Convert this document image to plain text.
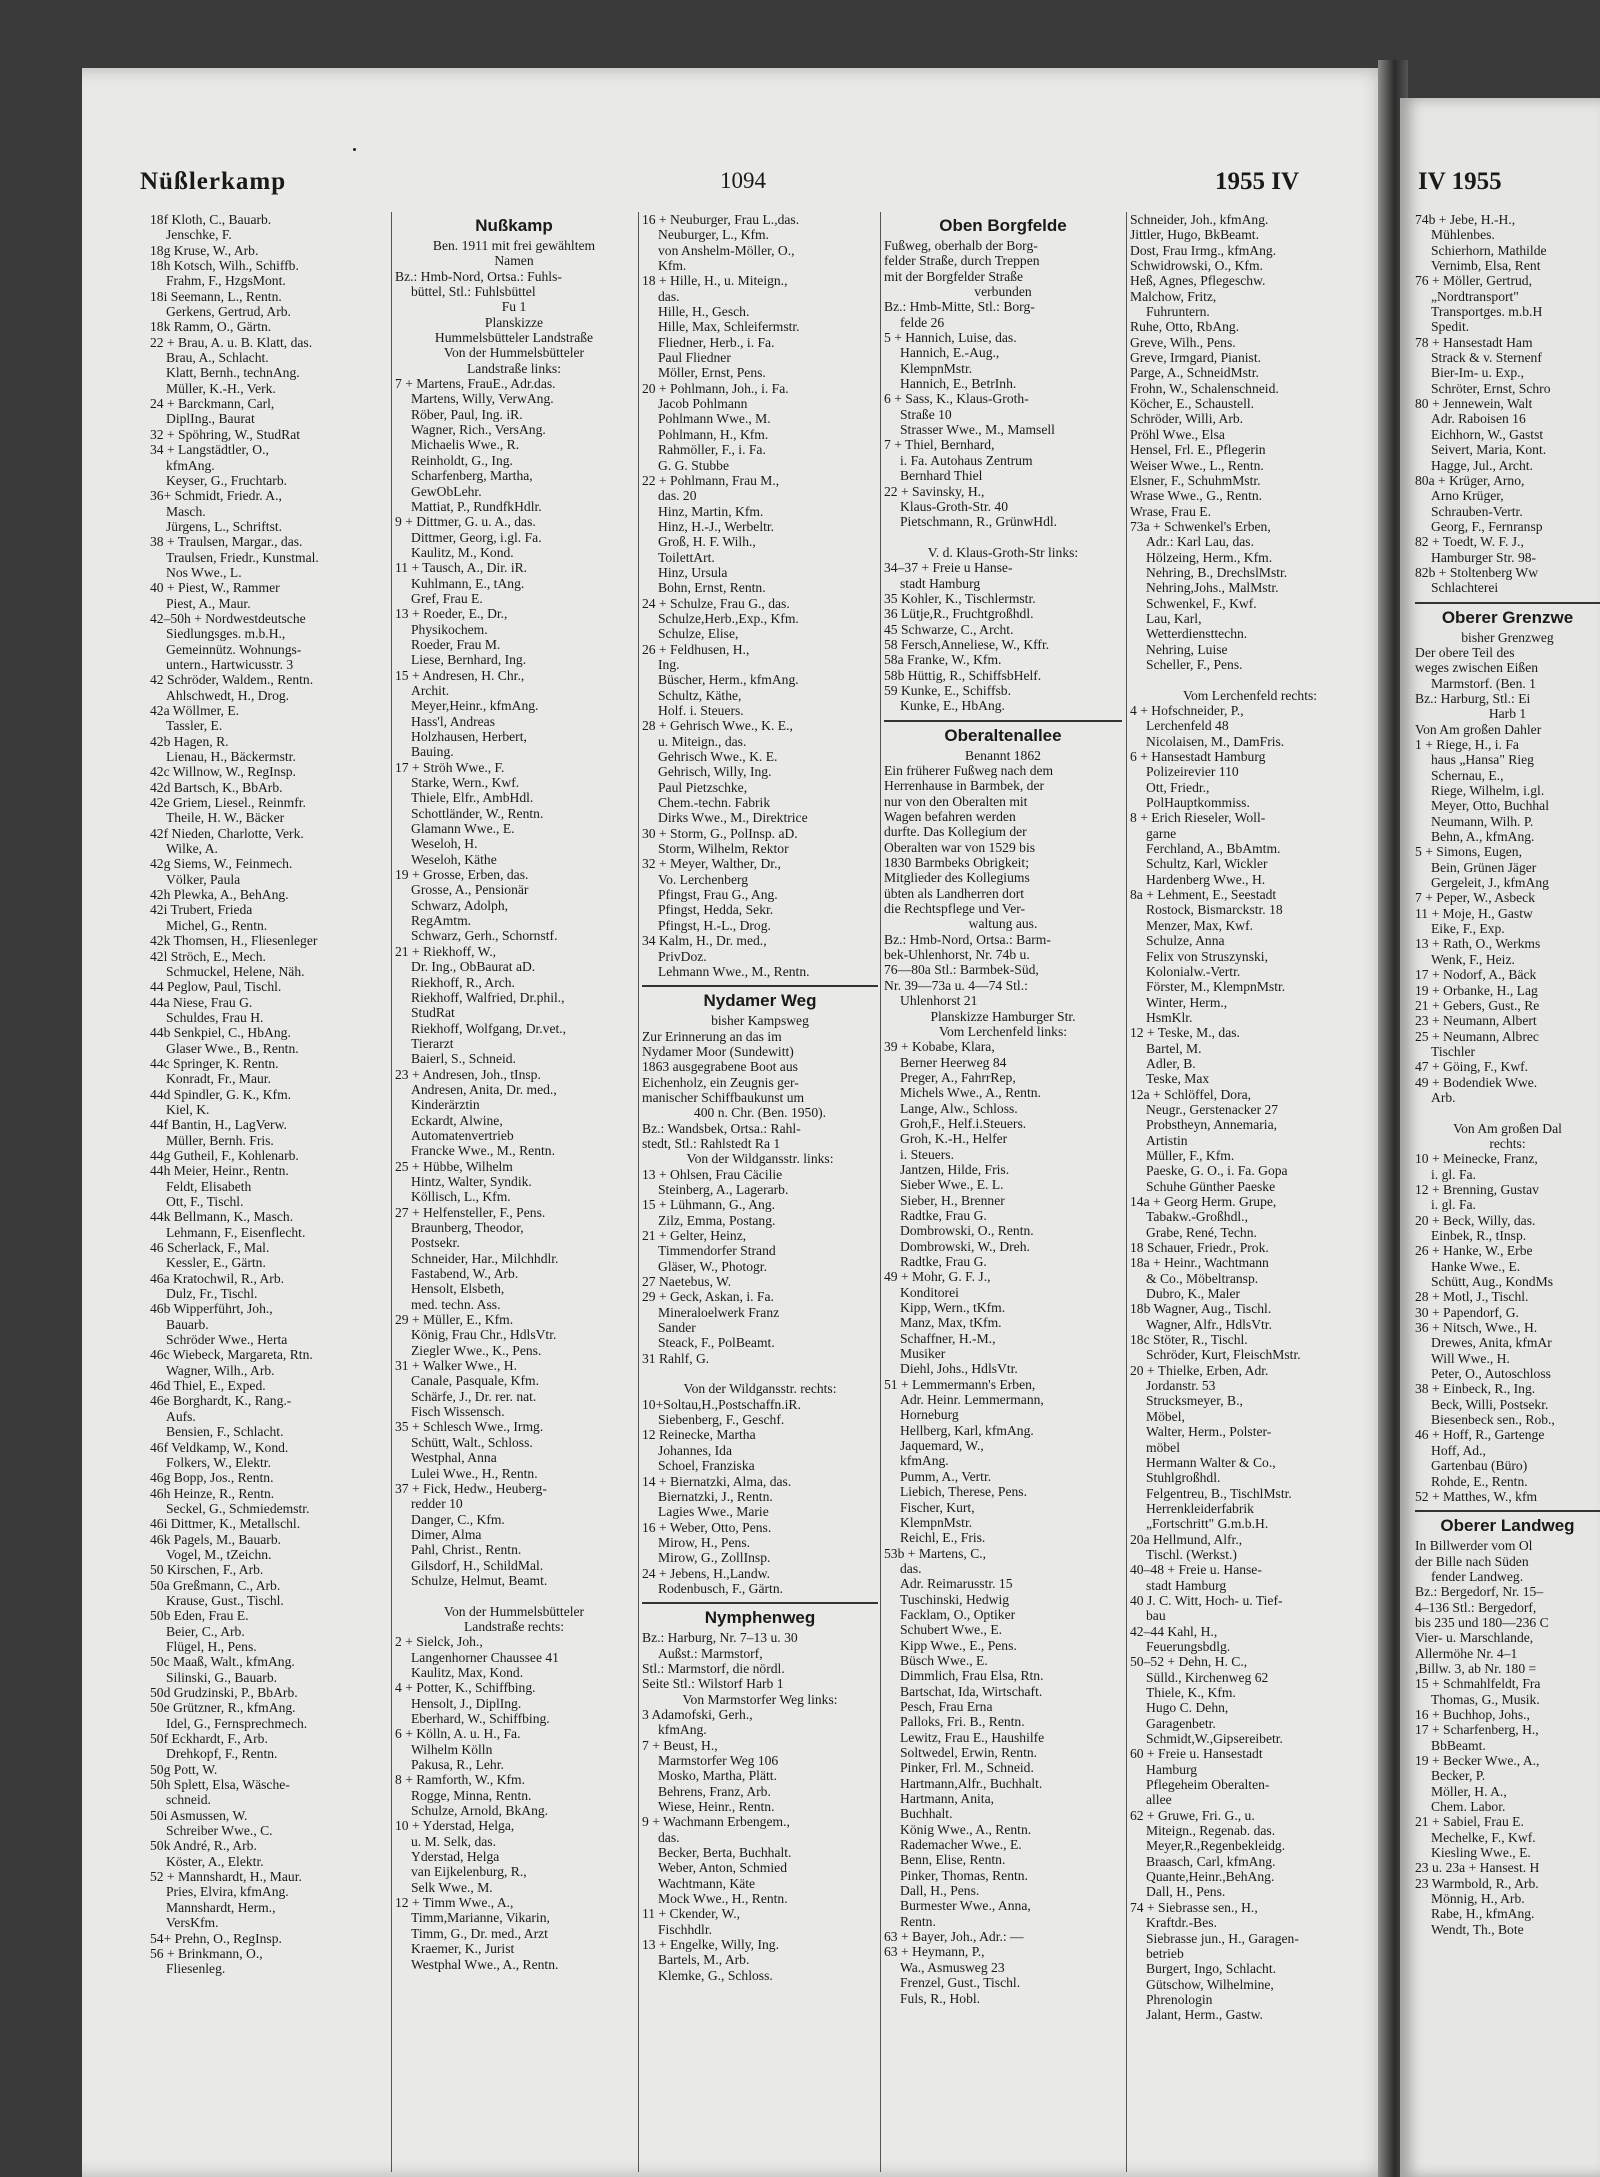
Nüßlerkamp	1094	1955 IV	IV 1955

18f Kloth, C., Bauarb.

Jenschke, F.

18g Kruse, W., Arb.

18h Kotsch, Wilh., Schiffb.

Frahm, F., HzgsMont.

18i Seemann, L., Rentn.

Gerkens, Gertrud, Arb.

18k Ramm, O., Gärtn.

22 + Brau, A. u. B. Klatt, das.

Brau, A., Schlacht.

Klatt, Bernh., technAng.

Müller, K.-H., Verk.

24 + Barckmann, Carl,

DiplIng., Baurat

32 + Spöhring, W., StudRat

34 + Langstädtler, O.,

kfmAng.

Keyser, G., Fruchtarb.

36+ Schmidt, Friedr. A.,

Masch.

Jürgens, L., Schriftst.

38 + Traulsen, Margar., das.

Traulsen, Friedr., Kunstmal.

Nos Wwe., L.

40 + Piest, W., Rammer

Piest, A., Maur.

42–50h + Nordwestdeutsche

Siedlungsges. m.b.H.,

Gemeinnütz. Wohnungs-

untern., Hartwicusstr. 3

42 Schröder, Waldem., Rentn.

Ahlschwedt, H., Drog.

42a Wöllmer, E.

Tassler, E.

42b Hagen, R.

Lienau, H., Bäckermstr.

42c Willnow, W., RegInsp.

42d Bartsch, K., BbArb.

42e Griem, Liesel., Reinmfr.

Theile, H. W., Bäcker

42f Nieden, Charlotte, Verk.

Wilke, A.

42g Siems, W., Feinmech.

Völker, Paula

42h Plewka, A., BehAng.

42i Trubert, Frieda

Michel, G., Rentn.

42k Thomsen, H., Fliesenleger

42l Ströch, E., Mech.

Schmuckel, Helene, Näh.

44 Peglow, Paul, Tischl.

44a Niese, Frau G.

Schuldes, Frau H.

44b Senkpiel, C., HbAng.

Glaser Wwe., B., Rentn.

44c Springer, K. Rentn.

Konradt, Fr., Maur.

44d Spindler, G. K., Kfm.

Kiel, K.

44f Bantin, H., LagVerw.

Müller, Bernh. Fris.

44g Gutheil, F., Kohlenarb.

44h Meier, Heinr., Rentn.

Feldt, Elisabeth

Ott, F., Tischl.

44k Bellmann, K., Masch.

Lehmann, F., Eisenflecht.

46 Scherlack, F., Mal.

Kessler, E., Gärtn.

46a Kratochwil, R., Arb.

Dulz, Fr., Tischl.

46b Wipperführt, Joh.,

Bauarb.

Schröder Wwe., Herta

46c Wiebeck, Margareta, Rtn.

Wagner, Wilh., Arb.

46d Thiel, E., Exped.

46e Borghardt, K., Rang.-

Aufs.

Bensien, F., Schlacht.

46f Veldkamp, W., Kond.

Folkers, W., Elektr.

46g Bopp, Jos., Rentn.

46h Heinze, R., Rentn.

Seckel, G., Schmiedemstr.

46i Dittmer, K., Metallschl.

46k Pagels, M., Bauarb.

Vogel, M., tZeichn.

50 Kirschen, F., Arb.

50a Greßmann, C., Arb.

Krause, Gust., Tischl.

50b Eden, Frau E.

Beier, C., Arb.

Flügel, H., Pens.

50c Maaß, Walt., kfmAng.

Silinski, G., Bauarb.

50d Grudzinski, P., BbArb.

50e Grützner, R., kfmAng.

Idel, G., Fernsprechmech.

50f Eckhardt, F., Arb.

Drehkopf, F., Rentn.

50g Pott, W.

50h Splett, Elsa, Wäsche-

schneid.

50i Asmussen, W.

Schreiber Wwe., C.

50k André, R., Arb.

Köster, A., Elektr.

52 + Mannshardt, H., Maur.

Pries, Elvira, kfmAng.

Mannshardt, Herm.,

VersKfm.

54+ Prehn, O., RegInsp.

56 + Brinkmann, O.,

Fliesenleg.

Nußkamp

Ben. 1911 mit frei gewähltem

Namen

Bz.: Hmb-Nord, Ortsa.: Fuhls-

büttel, Stl.: Fuhlsbüttel

Fu 1

Planskizze

Hummelsbütteler Landstraße

Von der Hummelsbütteler

Landstraße links:

7 + Martens, FrauE., Adr.das.

Martens, Willy, VerwAng.

Röber, Paul, Ing. iR.

Wagner, Rich., VersAng.

Michaelis Wwe., R.

Reinholdt, G., Ing.

Scharfenberg, Martha,

GewObLehr.

Mattiat, P., RundfkHdlr.

9 + Dittmer, G. u. A., das.

Dittmer, Georg, i.gl. Fa.

Kaulitz, M., Kond.

11 + Tausch, A., Dir. iR.

Kuhlmann, E., tAng.

Gref, Frau E.

13 + Roeder, E., Dr.,

Physikochem.

Roeder, Frau M.

Liese, Bernhard, Ing.

15 + Andresen, H. Chr.,

Archit.

Meyer,Heinr., kfmAng.

Hass'l, Andreas

Holzhausen, Herbert,

Bauing.

17 + Ströh Wwe., F.

Starke, Wern., Kwf.

Thiele, Elfr., AmbHdl.

Schottländer, W., Rentn.

Glamann Wwe., E.

Weseloh, H.

Weseloh, Käthe

19 + Grosse, Erben, das.

Grosse, A., Pensionär

Schwarz, Adolph,

RegAmtm.

Schwarz, Gerh., Schornstf.

21 + Riekhoff, W.,

Dr. Ing., ObBaurat aD.

Riekhoff, R., Arch.

Riekhoff, Walfried, Dr.phil.,

StudRat

Riekhoff, Wolfgang, Dr.vet.,

Tierarzt

Baierl, S., Schneid.

23 + Andresen, Joh., tInsp.

Andresen, Anita, Dr. med.,

Kinderärztin

Eckardt, Alwine,

Automatenvertrieb

Francke Wwe., M., Rentn.

25 + Hübbe, Wilhelm

Hintz, Walter, Syndik.

Köllisch, L., Kfm.

27 + Helfensteller, F., Pens.

Braunberg, Theodor,

Postsekr.

Schneider, Har., Milchhdlr.

Fastabend, W., Arb.

Hensolt, Elsbeth,

med. techn. Ass.

29 + Müller, E., Kfm.

König, Frau Chr., HdlsVtr.

Ziegler Wwe., K., Pens.

31 + Walker Wwe., H.

Canale, Pasquale, Kfm.

Schärfe, J., Dr. rer. nat.

Fisch Wissensch.

35 + Schlesch Wwe., Irmg.

Schütt, Walt., Schloss.

Westphal, Anna

Lulei Wwe., H., Rentn.

37 + Fick, Hedw., Heuberg-

redder 10

Danger, C., Kfm.

Dimer, Alma

Pahl, Christ., Rentn.

Gilsdorf, H., SchildMal.

Schulze, Helmut, Beamt.

Von der Hummelsbütteler

Landstraße rechts:

2 + Sielck, Joh.,

Langenhorner Chaussee 41

Kaulitz, Max, Kond.

4 + Potter, K., Schiffbing.

Hensolt, J., DiplIng.

Eberhard, W., Schiffbing.

6 + Kölln, A. u. H., Fa.

Wilhelm Kölln

Pakusa, R., Lehr.

8 + Ramforth, W., Kfm.

Rogge, Minna, Rentn.

Schulze, Arnold, BkAng.

10 + Yderstad, Helga,

u. M. Selk, das.

Yderstad, Helga

van Eijkelenburg, R.,

Selk Wwe., M.

12 + Timm Wwe., A.,

Timm,Marianne, Vikarin,

Timm, G., Dr. med., Arzt

Kraemer, K., Jurist

Westphal Wwe., A., Rentn.

16 + Neuburger, Frau L.,das.

Neuburger, L., Kfm.

von Anshelm-Möller, O.,

Kfm.

18 + Hille, H., u. Miteign.,

das.

Hille, H., Gesch.

Hille, Max, Schleifermstr.

Fliedner, Herb., i. Fa.

Paul Fliedner

Möller, Ernst, Pens.

20 + Pohlmann, Joh., i. Fa.

Jacob Pohlmann

Pohlmann Wwe., M.

Pohlmann, H., Kfm.

Rahmöller, F., i. Fa.

G. G. Stubbe

22 + Pohlmann, Frau M.,

das. 20

Hinz, Martin, Kfm.

Hinz, H.-J., Werbeltr.

Groß, H. F. Wilh.,

ToilettArt.

Hinz, Ursula

Bohn, Ernst, Rentn.

24 + Schulze, Frau G., das.

Schulze,Herb.,Exp., Kfm.

Schulze, Elise,

26 + Feldhusen, H.,

Ing.

Büscher, Herm., kfmAng.

Schultz, Käthe,

Holf. i. Steuers.

28 + Gehrisch Wwe., K. E.,

u. Miteign., das.

Gehrisch Wwe., K. E.

Gehrisch, Willy, Ing.

Paul Pietzschke,

Chem.-techn. Fabrik

Dirks Wwe., M., Direktrice

30 + Storm, G., PolInsp. aD.

Storm, Wilhelm, Rektor

32 + Meyer, Walther, Dr.,

Vo. Lerchenberg

Pfingst, Frau G., Ang.

Pfingst, Hedda, Sekr.

Pfingst, H.-L., Drog.

34 Kalm, H., Dr. med.,

PrivDoz.

Lehmann Wwe., M., Rentn.

Nydamer Weg

bisher Kampsweg

Zur Erinnerung an das im

Nydamer Moor (Sundewitt)

1863 ausgegrabene Boot aus

Eichenholz, ein Zeugnis ger-

manischer Schiffbaukunst um

400 n. Chr. (Ben. 1950).

Bz.: Wandsbek, Ortsa.: Rahl-

stedt, Stl.: Rahlstedt Ra 1

Von der Wildgansstr. links:

13 + Ohlsen, Frau Cäcilie

Steinberg, A., Lagerarb.

15 + Lühmann, G., Ang.

Zilz, Emma, Postang.

21 + Gelter, Heinz,

Timmendorfer Strand

Gläser, W., Photogr.

27 Naetebus, W.

29 + Geck, Askan, i. Fa.

Mineraloelwerk Franz

Sander

Steack, F., PolBeamt.

31 Rahlf, G.

Von der Wildgansstr. rechts:

10+Soltau,H.,Postschaffn.iR.

Siebenberg, F., Geschf.

12 Reinecke, Martha

Johannes, Ida

Schoel, Franziska

14 + Biernatzki, Alma, das.

Biernatzki, J., Rentn.

Lagies Wwe., Marie

16 + Weber, Otto, Pens.

Mirow, H., Pens.

Mirow, G., ZollInsp.

24 + Jebens, H.,Landw.

Rodenbusch, F., Gärtn.

Nymphenweg

Bz.: Harburg, Nr. 7–13 u. 30

Außst.: Marmstorf,

Stl.: Marmstorf, die nördl.

Seite Stl.: Wilstorf Harb 1

Von Marmstorfer Weg links:

3 Adamofski, Gerh.,

kfmAng.

7 + Beust, H.,

Marmstorfer Weg 106

Mosko, Martha, Plätt.

Behrens, Franz, Arb.

Wiese, Heinr., Rentn.

9 + Wachmann Erbengem.,

das.

Becker, Berta, Buchhalt.

Weber, Anton, Schmied

Wachtmann, Käte

Mock Wwe., H., Rentn.

11 + Ckender, W.,

Fischhdlr.

13 + Engelke, Willy, Ing.

Bartels, M., Arb.

Klemke, G., Schloss.

Oben Borgfelde

Fußweg, oberhalb der Borg-

felder Straße, durch Treppen

mit der Borgfelder Straße

verbunden

Bz.: Hmb-Mitte, Stl.: Borg-

felde 26

5 + Hannich, Luise, das.

Hannich, E.-Aug.,

KlempnMstr.

Hannich, E., BetrInh.

6 + Sass, K., Klaus-Groth-

Straße 10

Strasser Wwe., M., Mamsell

7 + Thiel, Bernhard,

i. Fa. Autohaus Zentrum

Bernhard Thiel

22 + Savinsky, H.,

Klaus-Groth-Str. 40

Pietschmann, R., GrünwHdl.

V. d. Klaus-Groth-Str links:

34–37 + Freie u Hanse-

stadt Hamburg

35 Kohler, K., Tischlermstr.

36 Lütje,R., Fruchtgroßhdl.

45 Schwarze, C., Archt.

58 Fersch,Anneliese, W., Kffr.

58a Franke, W., Kfm.

58b Hüttig, R., SchiffsbHelf.

59 Kunke, E., Schiffsb.

Kunke, E., HbAng.

Oberaltenallee

Benannt 1862

Ein früherer Fußweg nach dem

Herrenhause in Barmbek, der

nur von den Oberalten mit

Wagen befahren werden

durfte. Das Kollegium der

Oberalten war von 1529 bis

1830 Barmbeks Obrigkeit;

Mitglieder des Kollegiums

übten als Landherren dort

die Rechtspflege und Ver-

waltung aus.

Bz.: Hmb-Nord, Ortsa.: Barm-

bek-Uhlenhorst, Nr. 74b u.

76—80a Stl.: Barmbek-Süd,

Nr. 39—73a u. 4—74 Stl.:

Uhlenhorst 21

Planskizze Hamburger Str.

Vom Lerchenfeld links:

39 + Kobabe, Klara,

Berner Heerweg 84

Preger, A., FahrrRep,

Michels Wwe., A., Rentn.

Lange, Alw., Schloss.

Groh,F., Helf.i.Steuers.

Groh, K.-H., Helfer

i. Steuers.

Jantzen, Hilde, Fris.

Sieber Wwe., E. L.

Sieber, H., Brenner

Radtke, Frau G.

Dombrowski, O., Rentn.

Dombrowski, W., Dreh.

Radtke, Frau G.

49 + Mohr, G. F. J.,

Konditorei

Kipp, Wern., tKfm.

Manz, Max, tKfm.

Schaffner, H.-M.,

Musiker

Diehl, Johs., HdlsVtr.

51 + Lemmermann's Erben,

Adr. Heinr. Lemmermann,

Horneburg

Hellberg, Karl, kfmAng.

Jaquemard, W.,

kfmAng.

Pumm, A., Vertr.

Liebich, Therese, Pens.

Fischer, Kurt,

KlempnMstr.

Reichl, E., Fris.

53b + Martens, C.,

das.

Adr. Reimarusstr. 15

Tuschinski, Hedwig

Facklam, O., Optiker

Schubert Wwe., E.

Kipp Wwe., E., Pens.

Büsch Wwe., E.

Dimmlich, Frau Elsa, Rtn.

Bartschat, Ida, Wirtschaft.

Pesch, Frau Erna

Palloks, Fri. B., Rentn.

Lewitz, Frau E., Haushilfe

Soltwedel, Erwin, Rentn.

Pinker, Frl. M., Schneid.

Hartmann,Alfr., Buchhalt.

Hartmann, Anita,

Buchhalt.

König Wwe., A., Rentn.

Rademacher Wwe., E.

Benn, Elise, Rentn.

Pinker, Thomas, Rentn.

Dall, H., Pens.

Burmester Wwe., Anna,

Rentn.

63 + Bayer, Joh., Adr.: —

63 + Heymann, P.,

Wa., Asmusweg 23

Frenzel, Gust., Tischl.

Fuls, R., Hobl.

Schneider, Joh., kfmAng.

Jittler, Hugo, BkBeamt.

Dost, Frau Irmg., kfmAng.

Schwidrowski, O., Kfm.

Heß, Agnes, Pflegeschw.

Malchow, Fritz,

Fuhruntern.

Ruhe, Otto, RbAng.

Greve, Wilh., Pens.

Greve, Irmgard, Pianist.

Parge, A., SchneidMstr.

Frohn, W., Schalenschneid.

Köcher, E., Schaustell.

Schröder, Willi, Arb.

Pröhl Wwe., Elsa

Hensel, Frl. E., Pflegerin

Weiser Wwe., L., Rentn.

Elsner, F., SchuhmMstr.

Wrase Wwe., G., Rentn.

Wrase, Frau E.

73a + Schwenkel's Erben,

Adr.: Karl Lau, das.

Hölzeing, Herm., Kfm.

Nehring, B., DrechslMstr.

Nehring,Johs., MalMstr.

Schwenkel, F., Kwf.

Lau, Karl,

Wetterdiensttechn.

Nehring, Luise

Scheller, F., Pens.

Vom Lerchenfeld rechts:

4 + Hofschneider, P.,

Lerchenfeld 48

Nicolaisen, M., DamFris.

6 + Hansestadt Hamburg

Polizeirevier 110

Ott, Friedr.,

PolHauptkommiss.

8 + Erich Rieseler, Woll-

garne

Ferchland, A., BbAmtm.

Schultz, Karl, Wickler

Hardenberg Wwe., H.

8a + Lehment, E., Seestadt

Rostock, Bismarckstr. 18

Menzer, Max, Kwf.

Schulze, Anna

Felix von Struszynski,

Kolonialw.-Vertr.

Förster, M., KlempnMstr.

Winter, Herm.,

HsmKlr.

12 + Teske, M., das.

Bartel, M.

Adler, B.

Teske, Max

12a + Schlöffel, Dora,

Neugr., Gerstenacker 27

Probstheyn, Annemaria,

Artistin

Müller, F., Kfm.

Paeske, G. O., i. Fa. Gopa

Schuhe Günther Paeske

14a + Georg Herm. Grupe,

Tabakw.-Großhdl.,

Grabe, René, Techn.

18 Schauer, Friedr., Prok.

18a + Heinr., Wachtmann

& Co., Möbeltransp.

Dubro, K., Maler

18b Wagner, Aug., Tischl.

Wagner, Alfr., HdlsVtr.

18c Stöter, R., Tischl.

Schröder, Kurt, FleischMstr.

20 + Thielke, Erben, Adr.

Jordanstr. 53

Strucksmeyer, B.,

Möbel,

Walter, Herm., Polster-

möbel

Hermann Walter & Co.,

Stuhlgroßhdl.

Felgentreu, B., TischlMstr.

Herrenkleiderfabrik

„Fortschritt" G.m.b.H.

20a Hellmund, Alfr.,

Tischl. (Werkst.)

40–48 + Freie u. Hanse-

stadt Hamburg

40 J. C. Witt, Hoch- u. Tief-

bau

42–44 Kahl, H.,

Feuerungsbdlg.

50–52 + Dehn, H. C.,

Sülld., Kirchenweg 62

Thiele, K., Kfm.

Hugo C. Dehn,

Garagenbetr.

Schmidt,W.,Gipsereibetr.

60 + Freie u. Hansestadt

Hamburg

Pflegeheim Oberalten-

allee

62 + Gruwe, Fri. G., u.

Miteign., Regenab. das.

Meyer,R.,Regenbekleidg.

Braasch, Carl, kfmAng.

Quante,Heinr.,BehAng.

Dall, H., Pens.

74 + Siebrasse sen., H.,

Kraftdr.-Bes.

Siebrasse jun., H., Garagen-

betrieb

Burgert, Ingo, Schlacht.

Gütschow, Wilhelmine,

Phrenologin

Jalant, Herm., Gastw.

74b + Jebe, H.-H.,

Mühlenbes.

Schierhorn, Mathilde

Vernimb, Elsa, Rent

76 + Möller, Gertrud,

„Nordtransport"

Transportges. m.b.H

Spedit.

78 + Hansestadt Ham

Strack & v. Sternenf

Bier-Im- u. Exp.,

Schröter, Ernst, Schro

80 + Jennewein, Walt

Adr. Raboisen 16

Eichhorn, W., Gastst

Seivert, Maria, Kont.

Hagge, Jul., Archt.

80a + Krüger, Arno,

Arno Krüger,

Schrauben-Vertr.

Georg, F., Fernransp

82 + Toedt, W. F. J.,

Hamburger Str. 98-

82b + Stoltenberg Ww

Schlachterei

Oberer Grenzwe

bisher Grenzweg

Der obere Teil des

weges zwischen Eißen

Marmstorf. (Ben. 1

Bz.: Harburg, Stl.: Ei

Harb 1

Von Am großen Dahler

1 + Riege, H., i. Fa

haus „Hansa" Rieg

Schernau, E.,

Riege, Wilhelm, i.gl.

Meyer, Otto, Buchhal

Neumann, Wilh. P.

Behn, A., kfmAng.

5 + Simons, Eugen,

Bein, Grünen Jäger

Gergeleit, J., kfmAng

7 + Peper, W., Asbeck

11 + Moje, H., Gastw

Eike, F., Exp.

13 + Rath, O., Werkms

Wenk, F., Heiz.

17 + Nodorf, A., Bäck

19 + Orbanke, H., Lag

21 + Gebers, Gust., Re

23 + Neumann, Albert

25 + Neumann, Albrec

Tischler

47 + Göing, F., Kwf.

49 + Bodendiek Wwe.

Arb.

Von Am großen Dal

rechts:

10 + Meinecke, Franz,

i. gl. Fa.

12 + Brenning, Gustav

i. gl. Fa.

20 + Beck, Willy, das.

Einbek, R., tInsp.

26 + Hanke, W., Erbe

Hanke Wwe., E.

Schütt, Aug., KondMs

28 + Motl, J., Tischl.

30 + Papendorf, G.

36 + Nitsch, Wwe., H.

Drewes, Anita, kfmAr

Will Wwe., H.

Peter, O., Autoschloss

38 + Einbeck, R., Ing.

Beck, Willi, Postsekr.

Biesenbeck sen., Rob.,

46 + Hoff, R., Gartenge

Hoff, Ad.,

Gartenbau (Büro)

Rohde, E., Rentn.

52 + Matthes, W., kfm

Oberer Landweg

In Billwerder vom Ol

der Bille nach Süden

fender Landweg.

Bz.: Bergedorf, Nr. 15–

4–136 Stl.: Bergedorf,

bis 235 und 180—236 C

Vier- u. Marschlande,

Allermöhe Nr. 4–1

,Billw. 3, ab Nr. 180 =

15 + Schmahlfeldt, Fra

Thomas, G., Musik.

16 + Buchhop, Johs.,

17 + Scharfenberg, H.,

BbBeamt.

19 + Becker Wwe., A.,

Becker, P.

Möller, H. A.,

Chem. Labor.

21 + Sabiel, Frau E.

Mechelke, F., Kwf.

Kiesling Wwe., E.

23 u. 23a + Hansest. H

23 Warmbold, R., Arb.

Mönnig, H., Arb.

Rabe, H., kfmAng.

Wendt, Th., Bote
